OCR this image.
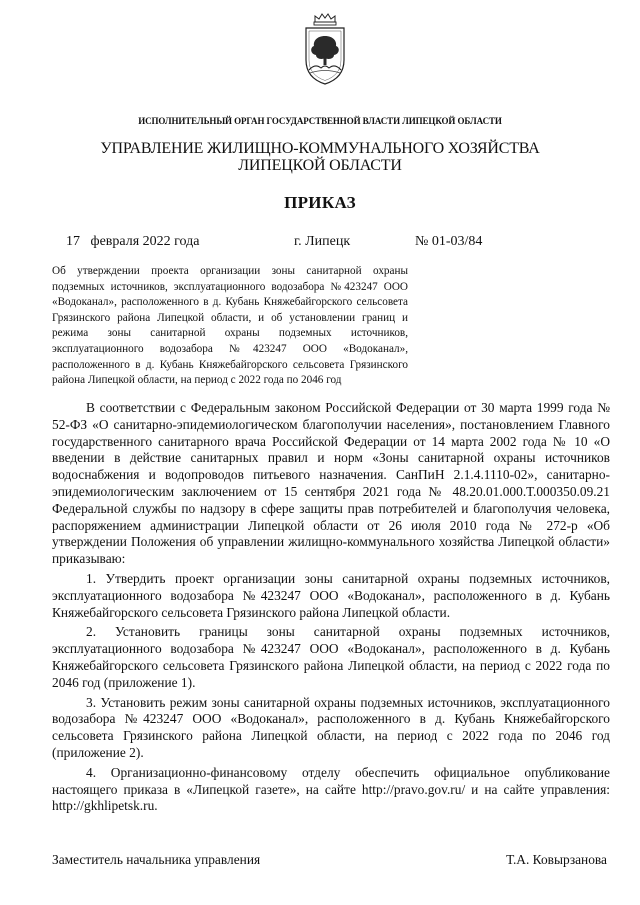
ИСПОЛНИТЕЛЬНЫЙ ОРГАН ГОСУДАРСТВЕННОЙ ВЛАСТИ ЛИПЕЦКОЙ ОБЛАСТИ
УПРАВЛЕНИЕ ЖИЛИЩНО-КОММУНАЛЬНОГО ХОЗЯЙСТВА
ЛИПЕЦКОЙ ОБЛАСТИ
ПРИКАЗ
17   февраля 2022 года	г. Липецк	№ 01-03/84
Об утверждении проекта организации зоны санитарной охраны подземных источников, эксплуатационного водозабора №423247 ООО «Водоканал», расположенного в д. Кубань Княжебайгорского сельсовета Грязинского района Липецкой области, и об установлении границ и режима зоны санитарной охраны подземных источников, эксплуатационного водозабора №423247 ООО «Водоканал», расположенного в д. Кубань Княжебайгорского сельсовета Грязинского района Липецкой области, на период с 2022 года по 2046 год

В соответствии с Федеральным законом Российской Федерации от 30 марта 1999 года № 52-ФЗ «О санитарно-эпидемиологическом благополучии населения», постановлением Главного государственного санитарного врача Российской Федерации от 14 марта 2002 года № 10 «О введении в действие санитарных правил и норм «Зоны санитарной охраны источников водоснабжения и водопроводов питьевого назначения. СанПиН 2.1.4.1110-02», санитарно-эпидемиологическим заключением от 15 сентября 2021 года № 48.20.01.000.Т.000350.09.21 Федеральной службы по надзору в сфере защиты прав потребителей и благополучия человека, распоряжением администрации Липецкой области от 26 июля 2010 года № 272-р «Об утверждении Положения об управлении жилищно-коммунального хозяйства Липецкой области» приказываю:

1. Утвердить проект организации зоны санитарной охраны подземных источников, эксплуатационного водозабора №423247 ООО «Водоканал», расположенного в д. Кубань Княжебайгорского сельсовета Грязинского района Липецкой области.

2. Установить границы зоны санитарной охраны подземных источников, эксплуатационного водозабора №423247 ООО «Водоканал», расположенного в д. Кубань Княжебайгорского сельсовета Грязинского района Липецкой области, на период с 2022 года по 2046 год (приложение 1).

3. Установить режим зоны санитарной охраны подземных источников, эксплуатационного водозабора №423247 ООО «Водоканал», расположенного в д. Кубань Княжебайгорского сельсовета Грязинского района Липецкой области, на период с 2022 года по 2046 год (приложение 2).

4. Организационно-финансовому отделу обеспечить официальное опубликование настоящего приказа в «Липецкой газете», на сайте http://pravo.gov.ru/ и на сайте управления: http://gkhlipetsk.ru.

Заместитель начальника управления	Т.А. Ковырзанова
